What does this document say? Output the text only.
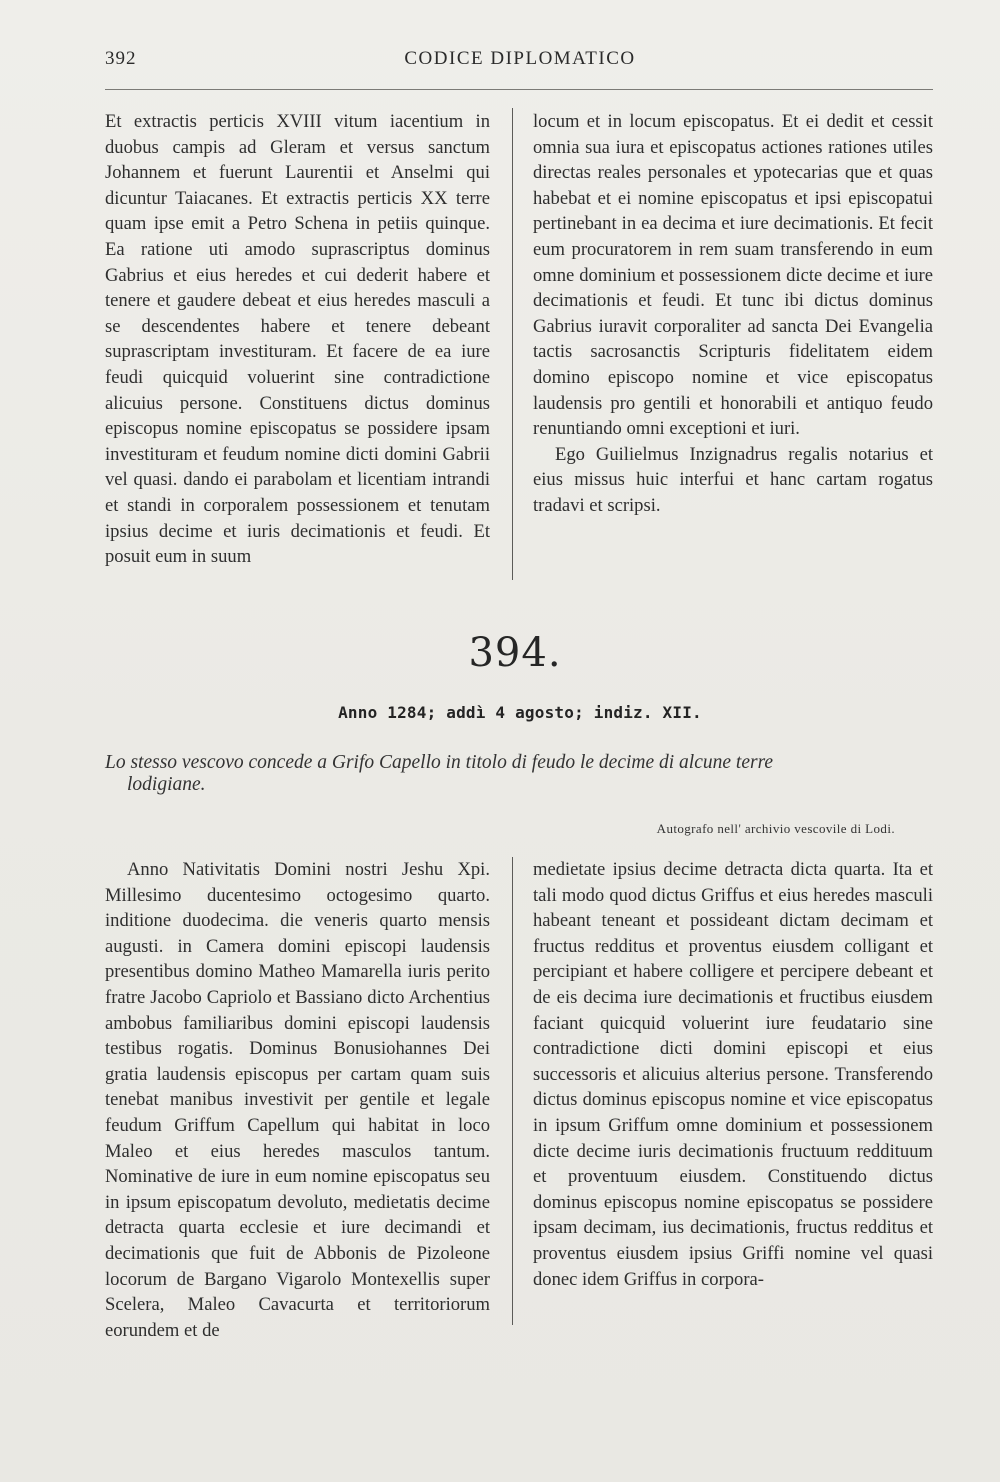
392	CODICE DIPLOMATICO

Et extractis perticis XVIII vitum iacentium in duobus campis ad Gleram et versus sanctum Johannem et fuerunt Laurentii et Anselmi qui dicuntur Taiacanes. Et extractis perticis XX terre quam ipse emit a Petro Schena in petiis quinque. Ea ratione uti amodo suprascriptus dominus Gabrius et eius heredes et cui dederit habere et tenere et gaudere debeat et eius heredes masculi a se descendentes habere et tenere debeant suprascriptam investituram. Et facere de ea iure feudi quicquid voluerint sine contradictione alicuius persone. Constituens dictus dominus episcopus nomine episcopatus se possidere ipsam investituram et feudum nomine dicti domini Gabrii vel quasi. dando ei parabolam et licentiam intrandi et standi in corporalem possessionem et tenutam ipsius decime et iuris decimationis et feudi. Et posuit eum in suum

locum et in locum episcopatus. Et ei dedit et cessit omnia sua iura et episcopatus actiones rationes utiles directas reales personales et ypotecarias que et quas habebat et ei nomine episcopatus et ipsi episcopatui pertinebant in ea decima et iure decimationis. Et fecit eum procuratorem in rem suam transferendo in eum omne dominium et possessionem dicte decime et iure decimationis et feudi. Et tunc ibi dictus dominus Gabrius iuravit corporaliter ad sancta Dei Evangelia tactis sacrosanctis Scripturis fidelitatem eidem domino episcopo nomine et vice episcopatus laudensis pro gentili et honorabili et antiquo feudo renuntiando omni exceptioni et iuri.

Ego Guilielmus Inzignadrus regalis notarius et eius missus huic interfui et hanc cartam rogatus tradavi et scripsi.

394.
Anno 1284; addì 4 agosto; indiz. XII.
Lo stesso vescovo concede a Grifo Capello in titolo di feudo le decime di alcune terre
lodigiane.
Autografo nell' archivio vescovile di Lodi.

Anno Nativitatis Domini nostri Jeshu Xpi. Millesimo ducentesimo octogesimo quarto. inditione duodecima. die veneris quarto mensis augusti. in Camera domini episcopi laudensis presentibus domino Matheo Mamarella iuris perito fratre Jacobo Capriolo et Bassiano dicto Archentius ambobus familiaribus domini episcopi laudensis testibus rogatis. Dominus Bonusiohannes Dei gratia laudensis episcopus per cartam quam suis tenebat manibus investivit per gentile et legale feudum Griffum Capellum qui habitat in loco Maleo et eius heredes masculos tantum. Nominative de iure in eum nomine episcopatus seu in ipsum episcopatum devoluto, medietatis decime detracta quarta ecclesie et iure decimandi et decimationis que fuit de Abbonis de Pizoleone locorum de Bargano Vigarolo Montexellis super Scelera, Maleo Cavacurta et territoriorum eorundem et de

medietate ipsius decime detracta dicta quarta. Ita et tali modo quod dictus Griffus et eius heredes masculi habeant teneant et possideant dictam decimam et fructus redditus et proventus eiusdem colligant et percipiant et habere colligere et percipere debeant et de eis decima iure decimationis et fructibus eiusdem faciant quicquid voluerint iure feudatario sine contradictione dicti domini episcopi et eius successoris et alicuius alterius persone. Transferendo dictus dominus episcopus nomine et vice episcopatus in ipsum Griffum omne dominium et possessionem dicte decime iuris decimationis fructuum reddituum et proventuum eiusdem. Constituendo dictus dominus episcopus nomine episcopatus se possidere ipsam decimam, ius decimationis, fructus redditus et proventus eiusdem ipsius Griffi nomine vel quasi donec idem Griffus in corpora-
